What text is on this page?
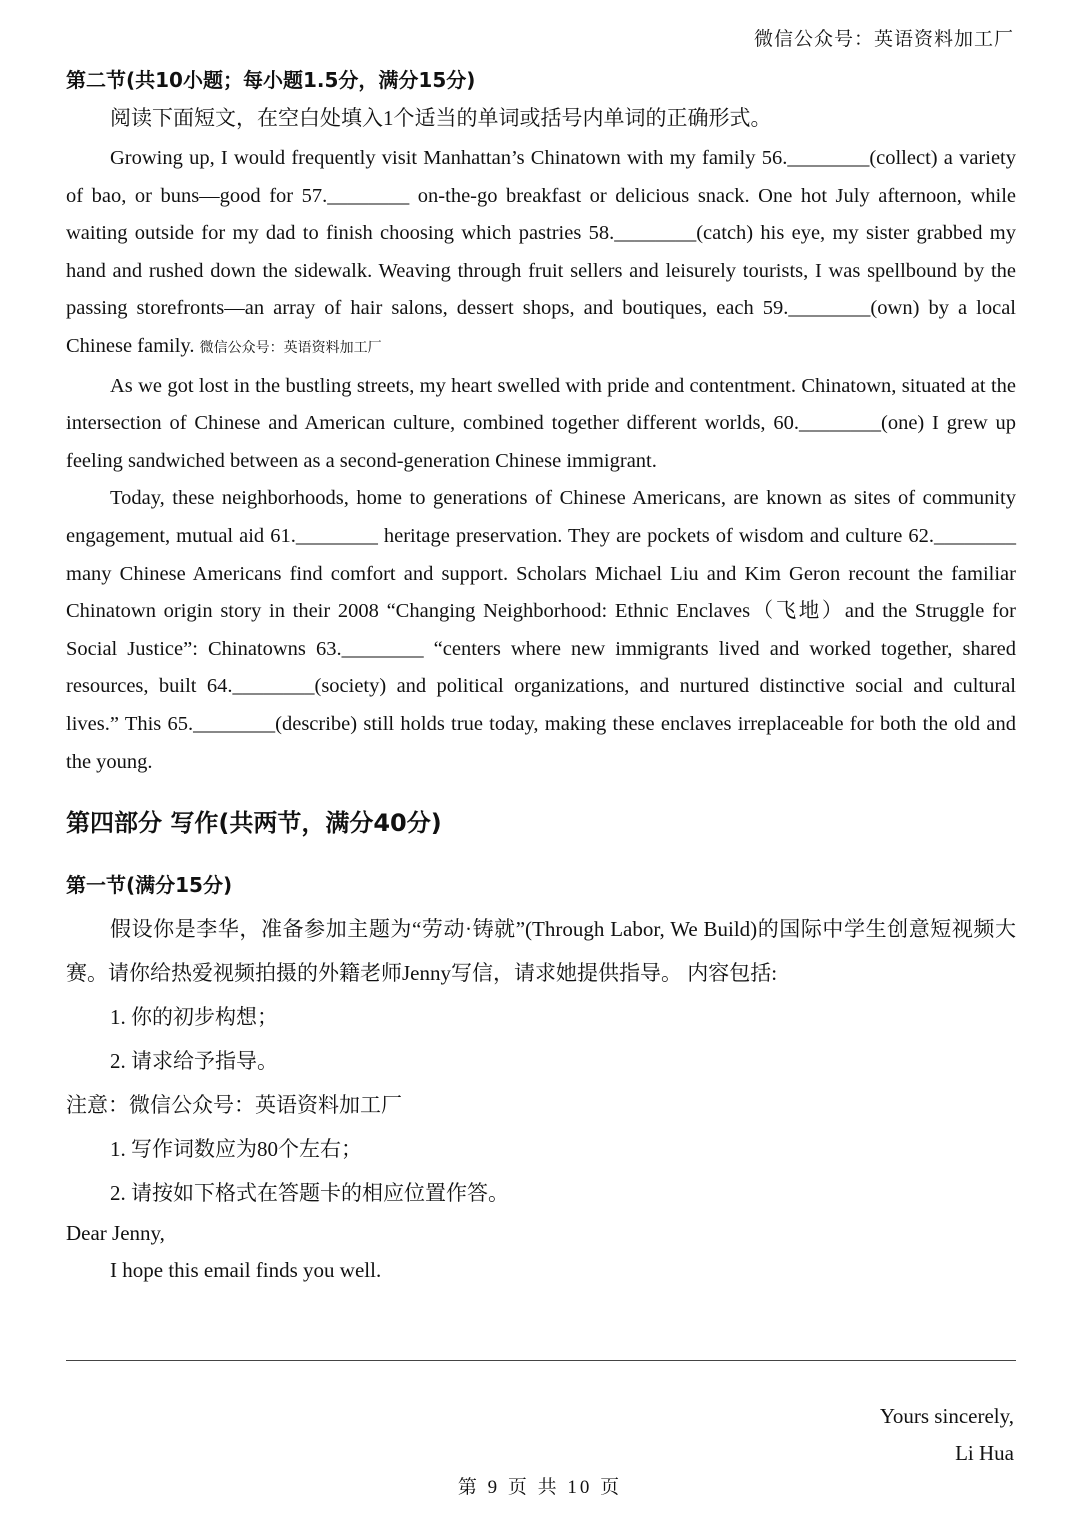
微信公众号：英语资料加工厂

第二节(共10小题；每小题1.5分，满分15分)

阅读下面短文，在空白处填入1个适当的单词或括号内单词的正确形式。

Growing up, I would frequently visit Manhattan’s Chinatown with my family 56.________(collect) a variety of bao, or buns—good for 57.________ on-the-go breakfast or delicious snack. One hot July afternoon, while waiting outside for my dad to finish choosing which pastries 58.________(catch) his eye, my sister grabbed my hand and rushed down the sidewalk. Weaving through fruit sellers and leisurely tourists, I was spellbound by the passing storefronts—an array of hair salons, dessert shops, and boutiques, each 59.________(own) by a local Chinese family. 微信公众号：英语资料加工厂

As we got lost in the bustling streets, my heart swelled with pride and contentment. Chinatown, situated at the intersection of Chinese and American culture, combined together different worlds, 60.________(one) I grew up feeling sandwiched between as a second-generation Chinese immigrant.

Today, these neighborhoods, home to generations of Chinese Americans, are known as sites of community engagement, mutual aid 61.________ heritage preservation. They are pockets of wisdom and culture 62.________ many Chinese Americans find comfort and support. Scholars Michael Liu and Kim Geron recount the familiar Chinatown origin story in their 2008 “Changing Neighborhood: Ethnic Enclaves（飞地）and the Struggle for Social Justice”: Chinatowns 63.________ “centers where new immigrants lived and worked together, shared resources, built 64.________(society) and political organizations, and nurtured distinctive social and cultural lives.” This 65.________(describe) still holds true today, making these enclaves irreplaceable for both the old and the young.

第四部分 写作(共两节，满分40分)

第一节(满分15分)

假设你是李华，准备参加主题为“劳动·铸就”(Through Labor, We Build)的国际中学生创意短视频大赛。请你给热爱视频拍摄的外籍老师Jenny写信，请求她提供指导。 内容包括:

1. 你的初步构想；

2. 请求给予指导。

注意：微信公众号：英语资料加工厂

1. 写作词数应为80个左右；

2. 请按如下格式在答题卡的相应位置作答。

Dear Jenny,

I hope this email finds you well.

Yours sincerely,
Li Hua
第 9 页 共 10 页
